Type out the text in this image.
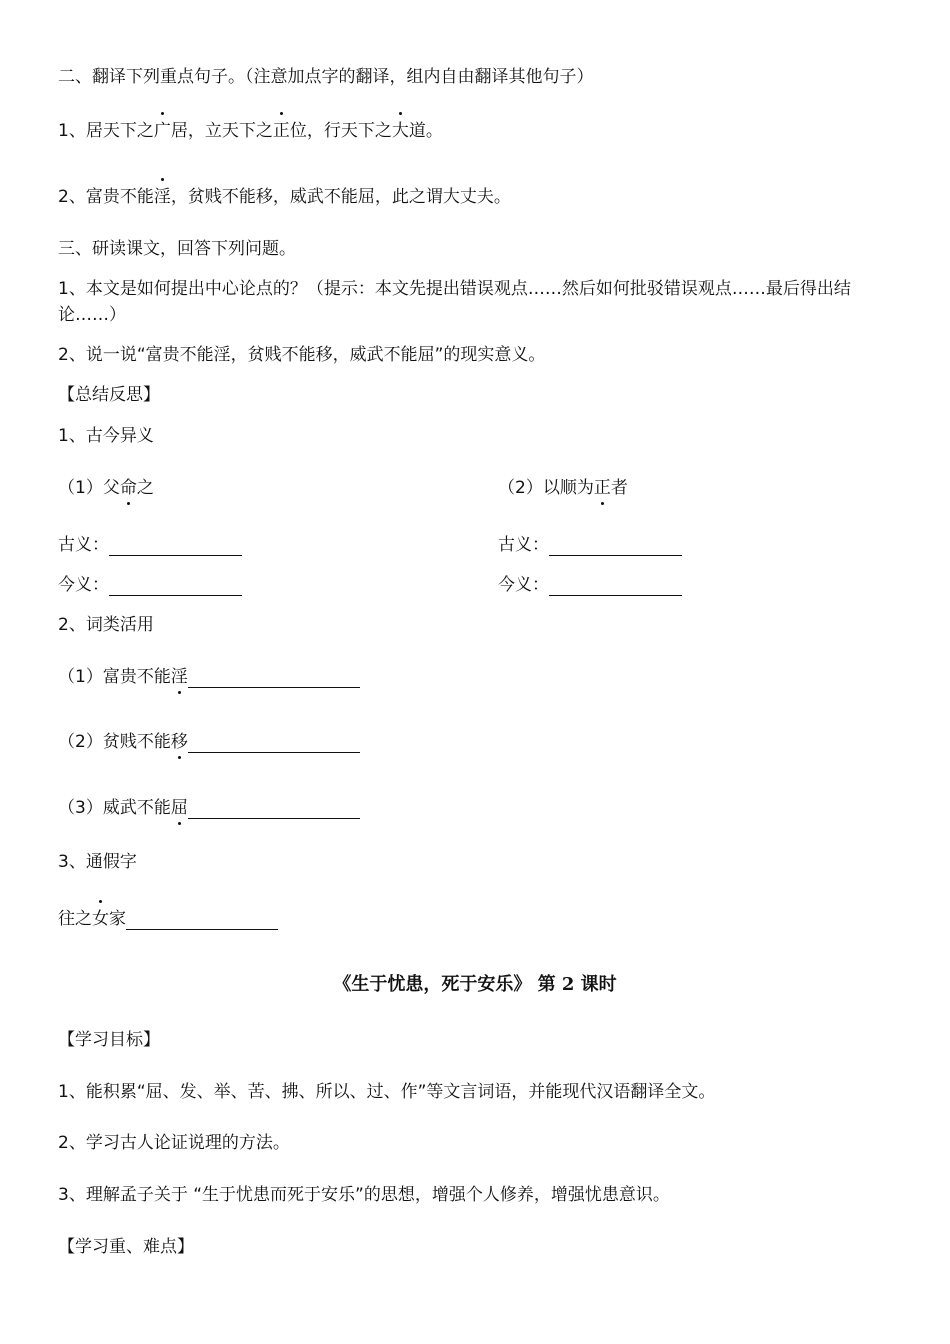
二、翻译下列重点句子。（注意加点字的翻译，组内自由翻译其他句子）
1、居天下之广居，立天下之正位，行天下之大道。
2、富贵不能淫，贫贱不能移，威武不能屈，此之谓大丈夫。
三、研读课文，回答下列问题。
1、本文是如何提出中心论点的？（提示：本文先提出错误观点……然后如何批驳错误观点……最后得出结论……）
2、说一说“富贵不能淫，贫贱不能移，威武不能屈”的现实意义。
【总结反思】
1、古今异义
（1）父命之	（2）以顺为正者
古义：	古义：
今义：	今义：
2、词类活用
（1）富贵不能淫
（2）贫贱不能移
（3）威武不能屈
3、通假字
往之女家
《生于忧患，死于安乐》 第 2 课时
【学习目标】
1、能积累“屈、发、举、苦、拂、所以、过、作”等文言词语，并能现代汉语翻译全文。
2、学习古人论证说理的方法。
3、理解孟子关于 “生于忧患而死于安乐”的思想，增强个人修养，增强忧患意识。
【学习重、难点】
